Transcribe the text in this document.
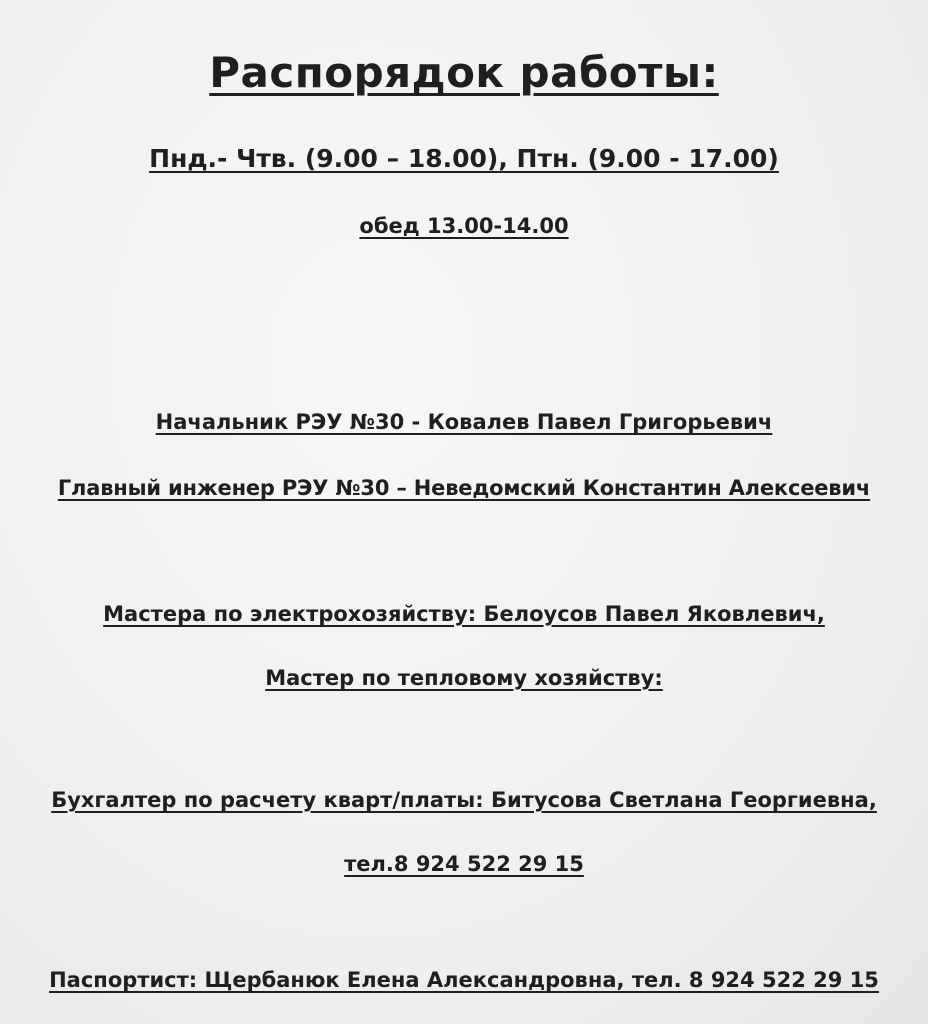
Распорядок работы:
Пнд.- Чтв. (9.00 – 18.00), Птн. (9.00 - 17.00)
обед 13.00-14.00
Начальник РЭУ №30 - Ковалев Павел Григорьевич
Главный инженер РЭУ №30 – Неведомский Константин Алексеевич
Мастера по электрохозяйству: Белоусов Павел Яковлевич,
Мастер по тепловому хозяйству:
Бухгалтер по расчету кварт/платы: Битусова Светлана Георгиевна,
тел.8 924 522 29 15
Паспортист: Щербанюк Елена Александровна, тел. 8 924 522 29 15
